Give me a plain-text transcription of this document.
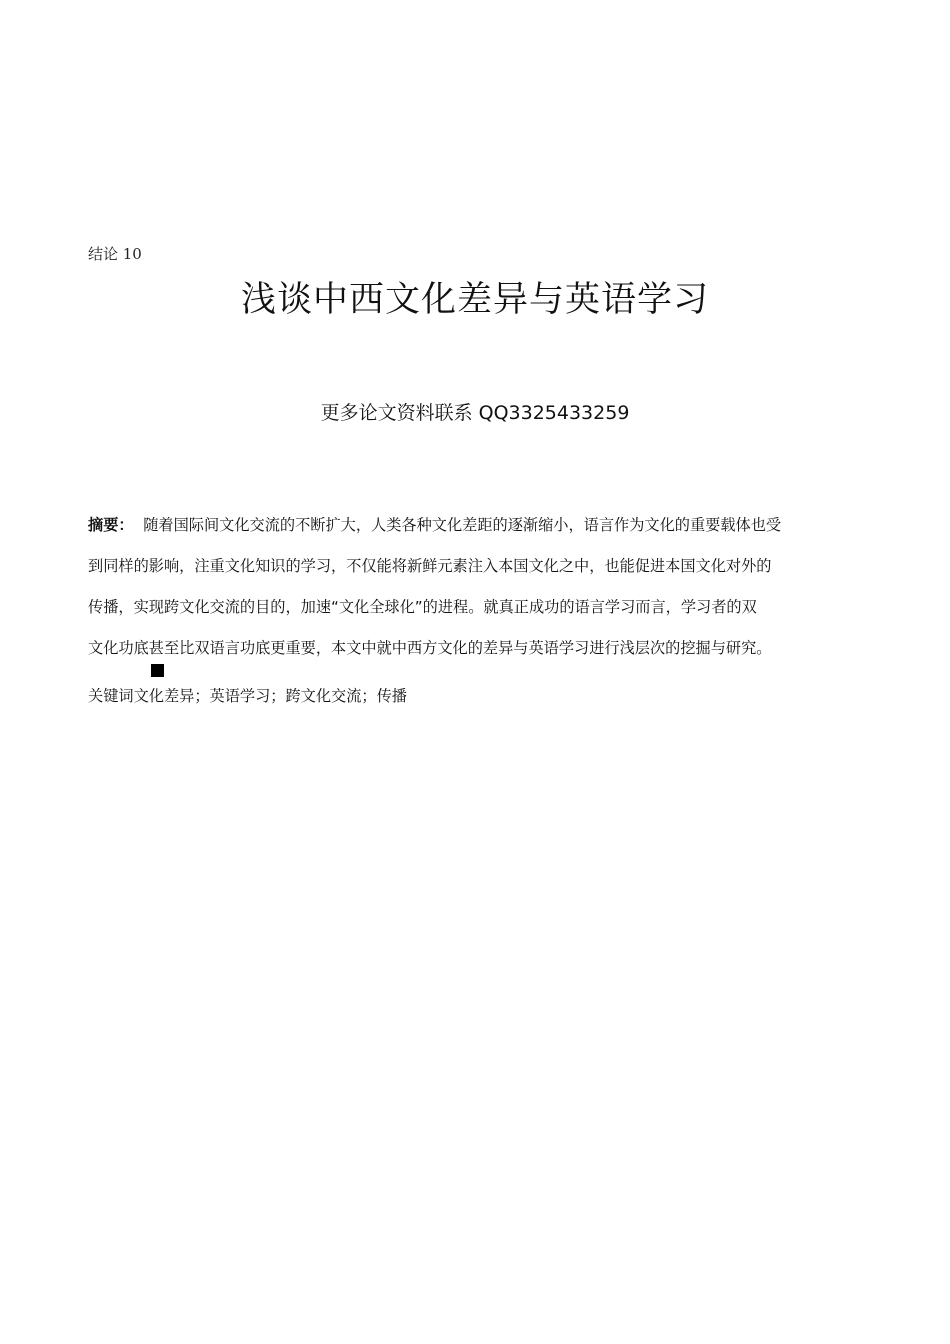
结论 10
浅谈中西文化差异与英语学习
更多论文资料联系 QQ3325433259
摘要： 随着国际间文化交流的不断扩大，人类各种文化差距的逐渐缩小，语言作为文化的重要载体也受
到同样的影响，注重文化知识的学习，不仅能将新鲜元素注入本国文化之中，也能促进本国文化对外的
传播，实现跨文化交流的目的，加速“文化全球化”的进程。就真正成功的语言学习而言，学习者的双
文化功底甚至比双语言功底更重要，本文中就中西方文化的差异与英语学习进行浅层次的挖掘与研究。
关键词文化差异；英语学习；跨文化交流；传播
